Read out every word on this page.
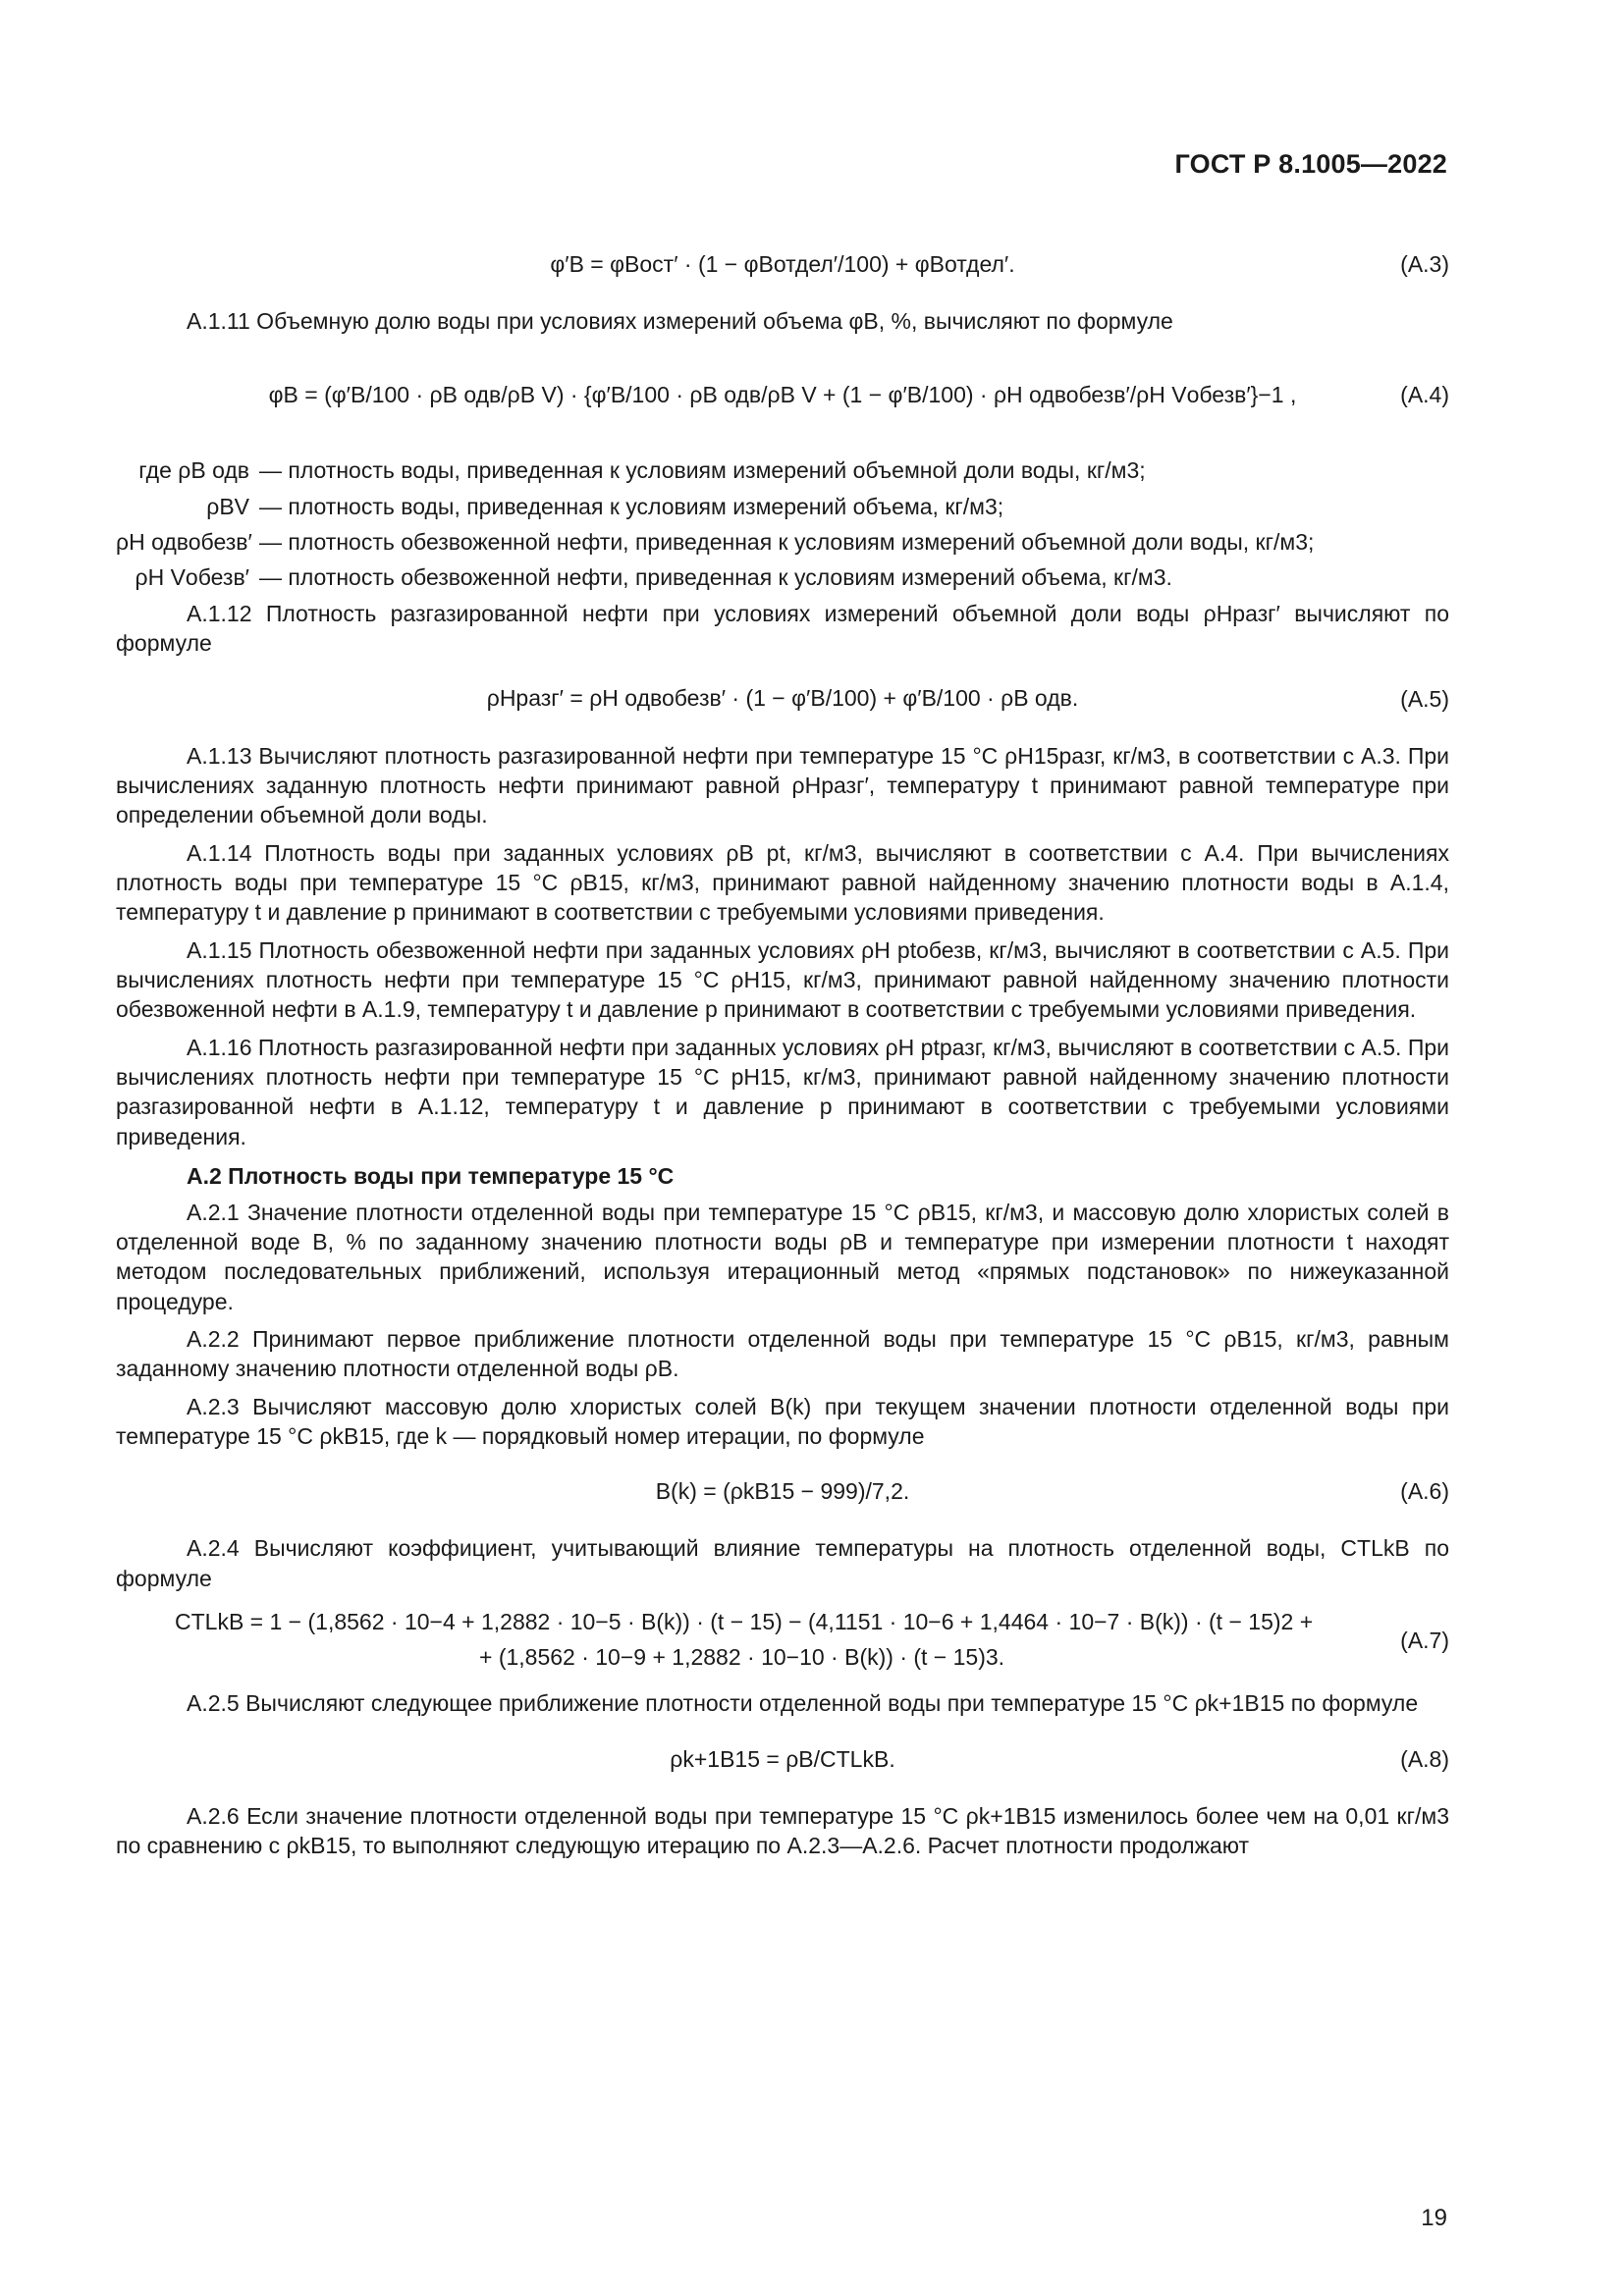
ГОСТ Р 8.1005—2022
φ′В = φВост′ · (1 − φВотдел′/100) + φВотдел′.	(А.3)

А.1.11 Объемную долю воды при условиях измерений объема φВ, %, вычисляют по формуле

φВ = (φ′В/100 · ρВ одв/ρВ V) · {φ′В/100 · ρВ одв/ρВ V + (1 − φ′В/100) · ρН одвобезв′/ρН Vобезв′}−1 ,	(А.4)
где ρВ одв — плотность воды, приведенная к условиям измерений объемной доли воды, кг/м3;
ρВV — плотность воды, приведенная к условиям измерений объема, кг/м3;
ρН одвобезв′ — плотность обезвоженной нефти, приведенная к условиям измерений объемной доли воды, кг/м3;
ρН Vобезв′ — плотность обезвоженной нефти, приведенная к условиям измерений объема, кг/м3.

А.1.12 Плотность разгазированной нефти при условиях измерений объемной доли воды ρНразг′ вычисляют по формуле

ρНразг′ = ρН одвобезв′ · (1 − φ′В/100) + φ′В/100 · ρВ одв.	(А.5)

А.1.13 Вычисляют плотность разгазированной нефти при температуре 15 °С ρН15разг, кг/м3, в соответствии с А.3. При вычислениях заданную плотность нефти принимают равной ρНразг′, температуру t принимают равной температуре при определении объемной доли воды.

А.1.14 Плотность воды при заданных условиях ρВ pt, кг/м3, вычисляют в соответствии с А.4. При вычислениях плотность воды при температуре 15 °С ρВ15, кг/м3, принимают равной найденному значению плотности воды в А.1.4, температуру t и давление p принимают в соответствии с требуемыми условиями приведения.

А.1.15 Плотность обезвоженной нефти при заданных условиях ρН ptобезв, кг/м3, вычисляют в соответствии с А.5. При вычислениях плотность нефти при температуре 15 °С ρН15, кг/м3, принимают равной найденному значению плотности обезвоженной нефти в А.1.9, температуру t и давление p принимают в соответствии с требуемыми условиями приведения.

А.1.16 Плотность разгазированной нефти при заданных условиях ρН ptразг, кг/м3, вычисляют в соответствии с А.5. При вычислениях плотность нефти при температуре 15 °С pН15, кг/м3, принимают равной найденному значению плотности разгазированной нефти в А.1.12, температуру t и давление p принимают в соответствии с требуемыми условиями приведения.

А.2 Плотность воды при температуре 15 °С

А.2.1 Значение плотности отделенной воды при температуре 15 °С ρВ15, кг/м3, и массовую долю хлористых солей в отделенной воде B, % по заданному значению плотности воды ρВ и температуре при измерении плотности t находят методом последовательных приближений, используя итерационный метод «прямых подстановок» по нижеуказанной процедуре.

А.2.2 Принимают первое приближение плотности отделенной воды при температуре 15 °С ρВ15, кг/м3, равным заданному значению плотности отделенной воды ρВ.

А.2.3 Вычисляют массовую долю хлористых солей B(k) при текущем значении плотности отделенной воды при температуре 15 °С ρkВ15, где k — порядковый номер итерации, по формуле

B(k) = (ρkВ15 − 999)/7,2.	(А.6)

А.2.4 Вычисляют коэффициент, учитывающий влияние температуры на плотность отделенной воды, CTLkВ по формуле

CTLkВ = 1 − (1,8562 · 10−4 + 1,2882 · 10−5 · B(k)) · (t − 15) − (4,1151 · 10−6 + 1,4464 · 10−7 · B(k)) · (t − 15)2 +
+ (1,8562 · 10−9 + 1,2882 · 10−10 · B(k)) · (t − 15)3.
(А.7)

А.2.5 Вычисляют следующее приближение плотности отделенной воды при температуре 15 °С ρk+1В15 по формуле

ρk+1В15 = ρВ/CTLkВ.	(А.8)

А.2.6 Если значение плотности отделенной воды при температуре 15 °С ρk+1В15 изменилось более чем на 0,01 кг/м3 по сравнению с ρkВ15, то выполняют следующую итерацию по А.2.3—А.2.6. Расчет плотности продолжают

19
